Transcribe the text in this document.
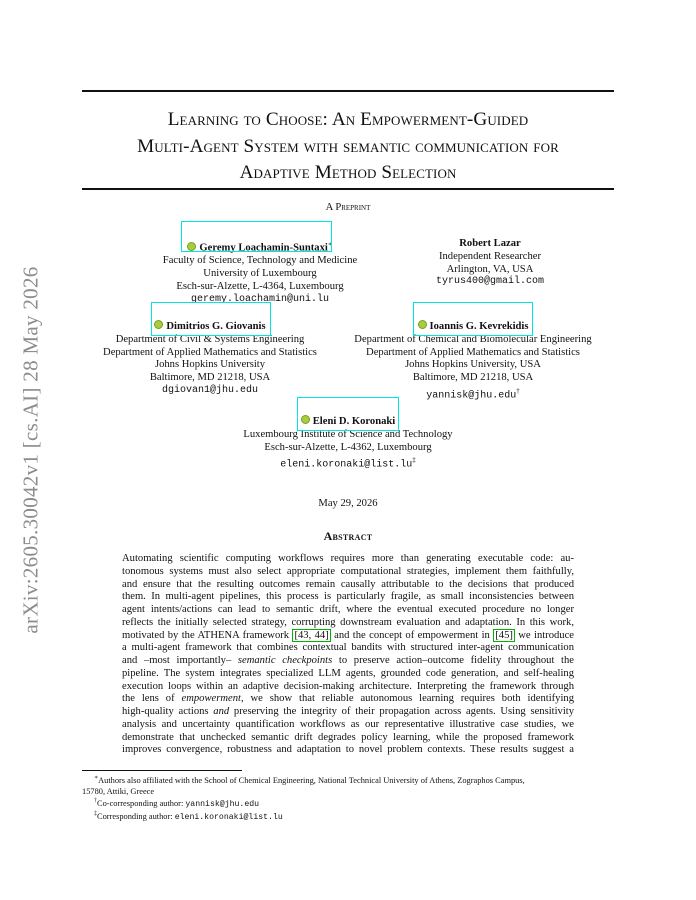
arXiv:2605.30042v1 [cs.AI] 28 May 2026
Learning to Choose: An Empowerment-Guided
Multi-Agent System with semantic communication for
Adaptive Method Selection
A Preprint
Geremy Loachamin-Suntaxi∗
Faculty of Science, Technology and Medicine
University of Luxembourg
Esch-sur-Alzette, L-4364, Luxembourg
geremy.loachamin@uni.lu
Robert Lazar
Independent Researcher
Arlington, VA, USA
tyrus400@gmail.com
Dimitrios G. Giovanis
Department of Civil & Systems Engineering
Department of Applied Mathematics and Statistics
Johns Hopkins University
Baltimore, MD 21218, USA
dgiovan1@jhu.edu
Ioannis G. Kevrekidis
Department of Chemical and Biomolecular Engineering
Department of Applied Mathematics and Statistics
Johns Hopkins University, USA
Baltimore, MD 21218, USA
yannisk@jhu.edu†
Eleni D. Koronaki
Luxembourg Institute of Science and Technology
Esch-sur-Alzette, L-4362, Luxembourg
eleni.koronaki@list.lu‡
May 29, 2026
Abstract
Automating scientific computing workflows requires more than generating executable code: au-
tonomous systems must also select appropriate computational strategies, implement them faithfully,
and ensure that the resulting outcomes remain causally attributable to the decisions that produced
them. In multi-agent pipelines, this process is particularly fragile, as small inconsistencies between
agent intents/actions can lead to semantic drift, where the eventual executed procedure no longer
reflects the initially selected strategy, corrupting downstream evaluation and adaptation. In this work,
motivated by the ATHENA framework [43, 44] and the concept of empowerment in [45] we introduce
a multi-agent framework that combines contextual bandits with structured inter-agent communication
and –most importantly– semantic checkpoints to preserve action–outcome fidelity throughout the
pipeline. The system integrates specialized LLM agents, grounded code generation, and self-healing
execution loops within an adaptive decision-making architecture. Interpreting the framework through
the lens of empowerment, we show that reliable autonomous learning requires both identifying
high-quality actions and preserving the integrity of their propagation across agents. Using sensitivity
analysis and uncertainty quantification workflows as our representative illustrative case studies, we
demonstrate that unchecked semantic drift degrades policy learning, while the proposed framework
improves convergence, robustness and adaptation to novel problem contexts. These results suggest a
∗Authors also affiliated with the School of Chemical Engineering, National Technical University of Athens, Zographos Campus,
15780, Attiki, Greece
†Co-corresponding author: yannisk@jhu.edu
‡Corresponding author: eleni.koronaki@list.lu
